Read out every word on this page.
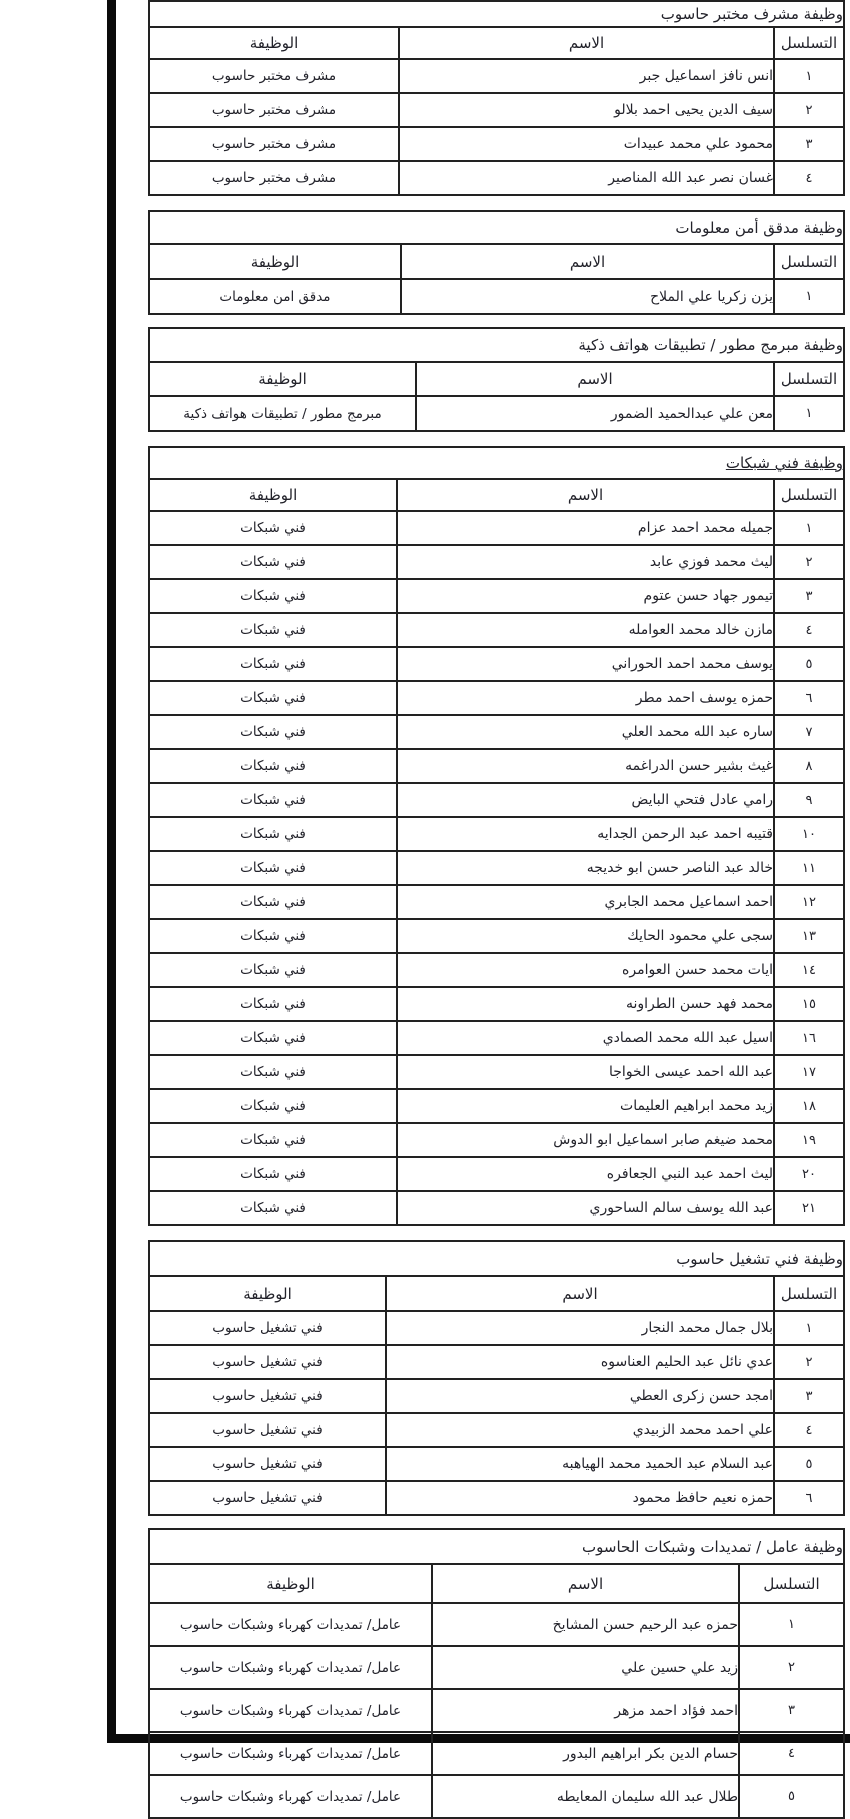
وظيفة مشرف مختبر حاسوب		
التسلسل	الاسم	الوظيفة
١	انس نافز اسماعيل جبر	مشرف مختبر حاسوب
٢	سيف الدين يحيى احمد بلالو	مشرف مختبر حاسوب
٣	محمود علي محمد عبيدات	مشرف مختبر حاسوب
٤	غسان نصر عبد الله المناصير	مشرف مختبر حاسوب
وظيفة مدقق أمن معلومات		
التسلسل	الاسم	الوظيفة
١	يزن زكريا علي الملاح	مدقق امن معلومات
وظيفة مبرمج مطور / تطبيقات هواتف ذكية		
التسلسل	الاسم	الوظيفة
١	معن علي عبدالحميد الضمور	مبرمج مطور / تطبيقات هواتف ذكية
وظيفة فني شبكات		
التسلسل	الاسم	الوظيفة
١	جميله محمد احمد عزام	فني شبكات
٢	ليث محمد فوزي عابد	فني شبكات
٣	تيمور جهاد حسن عتوم	فني شبكات
٤	مازن خالد محمد العوامله	فني شبكات
٥	يوسف محمد احمد الحوراني	فني شبكات
٦	حمزه يوسف احمد مطر	فني شبكات
٧	ساره عبد الله محمد العلي	فني شبكات
٨	غيث بشير حسن الدراغمه	فني شبكات
٩	رامي عادل فتحي البايض	فني شبكات
١٠	قتيبه احمد عبد الرحمن الجدايه	فني شبكات
١١	خالد عبد الناصر حسن ابو خديجه	فني شبكات
١٢	احمد اسماعيل محمد الجابري	فني شبكات
١٣	سجى علي محمود الحايك	فني شبكات
١٤	ايات محمد حسن العوامره	فني شبكات
١٥	محمد فهد حسن الطراونه	فني شبكات
١٦	اسيل عبد الله محمد الصمادي	فني شبكات
١٧	عبد الله احمد عيسى الخواجا	فني شبكات
١٨	زيد محمد ابراهيم العليمات	فني شبكات
١٩	محمد ضيغم صابر اسماعيل ابو الدوش	فني شبكات
٢٠	ليث احمد عبد النبي الجعافره	فني شبكات
٢١	عبد الله يوسف سالم الساحوري	فني شبكات
وظيفة فني تشغيل حاسوب		
التسلسل	الاسم	الوظيفة
١	بلال جمال محمد النجار	فني تشغيل حاسوب
٢	عدي نائل عبد الحليم العناسوه	فني تشغيل حاسوب
٣	امجد حسن زكرى العطي	فني تشغيل حاسوب
٤	علي احمد محمد الزبيدي	فني تشغيل حاسوب
٥	عبد السلام عبد الحميد محمد الهياهبه	فني تشغيل حاسوب
٦	حمزه نعيم حافظ محمود	فني تشغيل حاسوب
وظيفة عامل / تمديدات وشبكات الحاسوب		
التسلسل	الاسم	الوظيفة
١	حمزه عبد الرحيم حسن المشايخ	عامل/ تمديدات كهرباء وشبكات حاسوب
٢	زيد علي حسين علي	عامل/ تمديدات كهرباء وشبكات حاسوب
٣	احمد فؤاد احمد مزهر	عامل/ تمديدات كهرباء وشبكات حاسوب
٤	حسام الدين بكر ابراهيم البدور	عامل/ تمديدات كهرباء وشبكات حاسوب
٥	طلال عبد الله سليمان المعايطه	عامل/ تمديدات كهرباء وشبكات حاسوب
